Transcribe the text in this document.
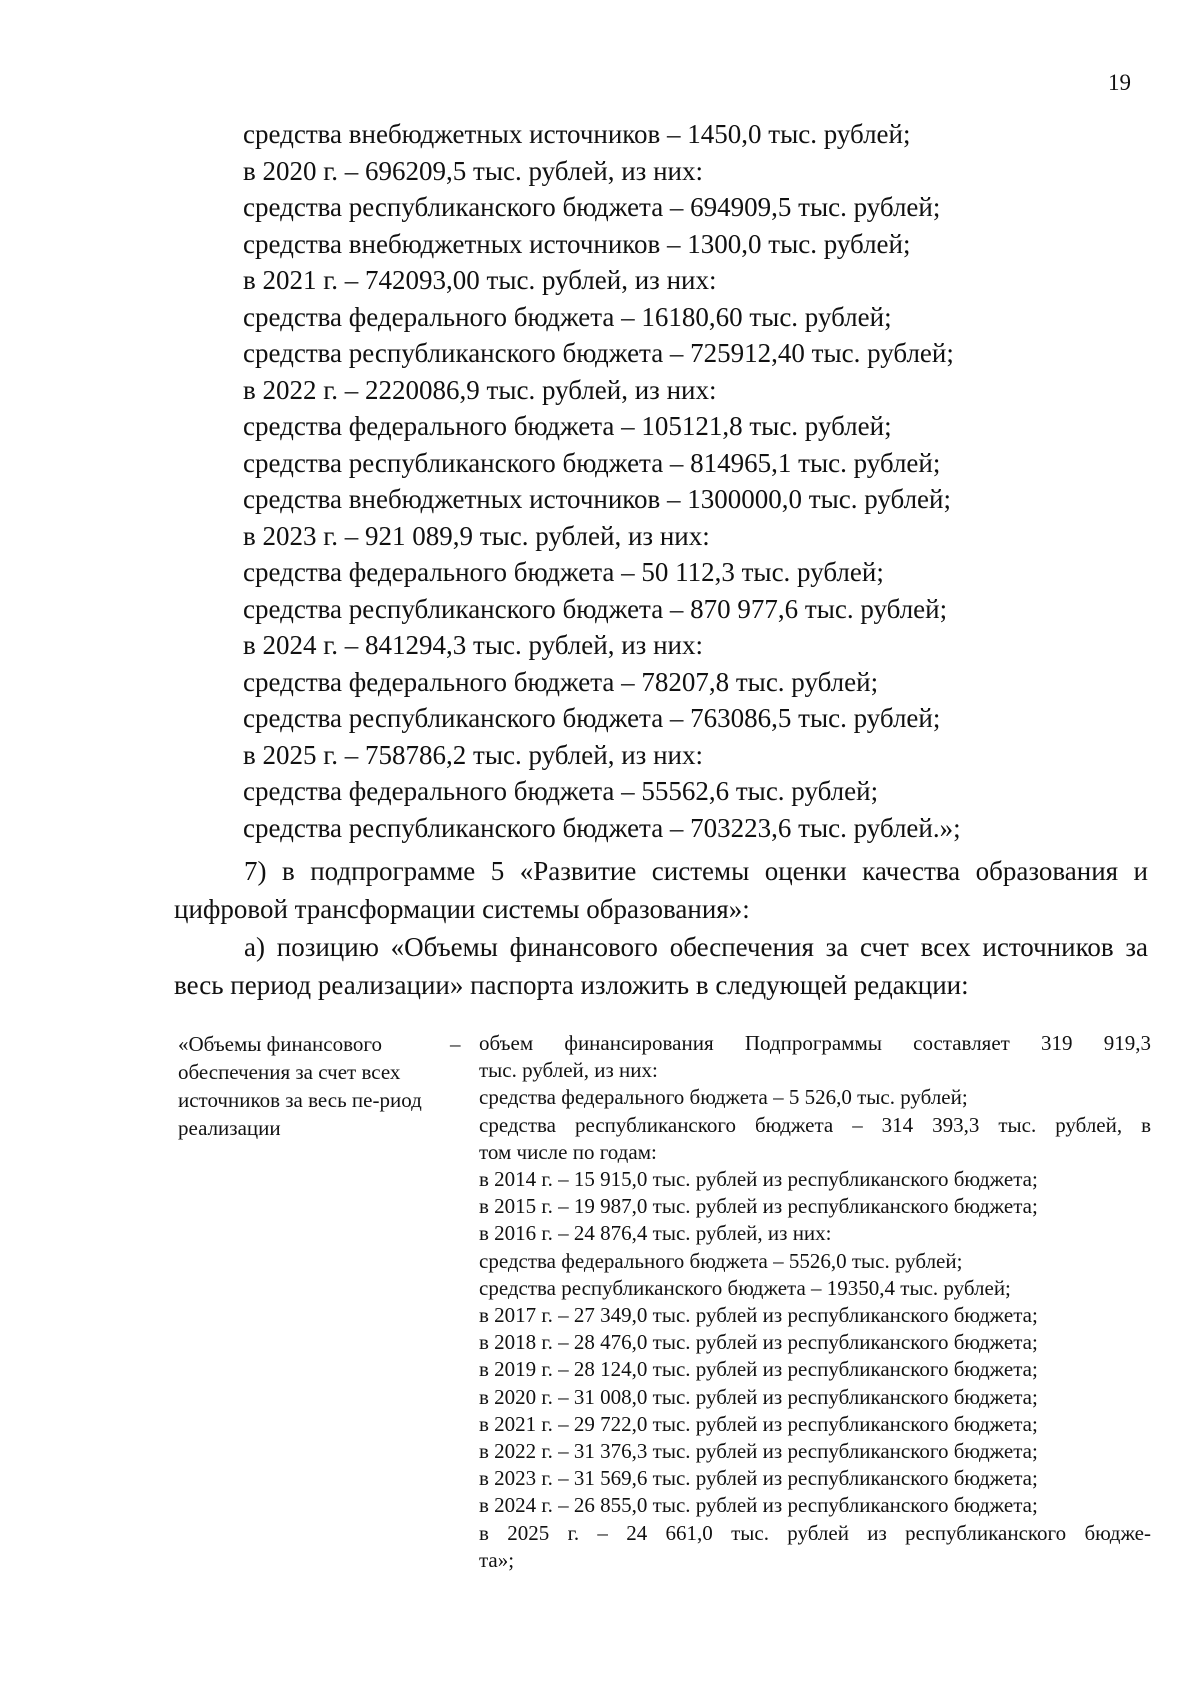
19
средства внебюджетных источников – 1450,0 тыс. рублей;
в 2020 г. – 696209,5 тыс. рублей, из них:
средства республиканского бюджета – 694909,5 тыс. рублей;
средства внебюджетных источников – 1300,0 тыс. рублей;
в 2021 г. – 742093,00 тыс. рублей, из них:
средства федерального бюджета – 16180,60 тыс. рублей;
средства республиканского бюджета – 725912,40 тыс. рублей;
в 2022 г. – 2220086,9 тыс. рублей, из них:
средства федерального бюджета – 105121,8 тыс. рублей;
средства республиканского бюджета – 814965,1 тыс. рублей;
средства внебюджетных источников – 1300000,0 тыс. рублей;
в 2023 г. – 921 089,9 тыс. рублей, из них:
средства федерального бюджета – 50 112,3 тыс. рублей;
средства республиканского бюджета – 870 977,6 тыс. рублей;
в 2024 г. – 841294,3 тыс. рублей, из них:
средства федерального бюджета – 78207,8 тыс. рублей;
средства республиканского бюджета – 763086,5 тыс. рублей;
в 2025 г. – 758786,2 тыс. рублей, из них:
средства федерального бюджета – 55562,6 тыс. рублей;
средства республиканского бюджета – 703223,6 тыс. рублей.»;

7) в подпрограмме 5 «Развитие системы оценки качества образования и цифровой трансформации системы образования»:

а) позицию «Объемы финансового обеспечения за счет всех источников за весь период реализации» паспорта изложить в следующей редакции:

«Объемы финансового обеспечения за счет всех источников за весь пе-риод реализации

– объем финансирования Подпрограммы составляет 319 919,3
тыс. рублей, из них:
средства федерального бюджета – 5 526,0 тыс. рублей;
средства республиканского бюджета – 314 393,3 тыс. рублей, в
том числе по годам:
в 2014 г. – 15 915,0 тыс. рублей из республиканского бюджета;
в 2015 г. – 19 987,0 тыс. рублей из республиканского бюджета;
в 2016 г. – 24 876,4 тыс. рублей, из них:
средства федерального бюджета – 5526,0 тыс. рублей;
средства республиканского бюджета – 19350,4 тыс. рублей;
в 2017 г. – 27 349,0 тыс. рублей из республиканского бюджета;
в 2018 г. – 28 476,0 тыс. рублей из республиканского бюджета;
в 2019 г. – 28 124,0 тыс. рублей из республиканского бюджета;
в 2020 г. – 31 008,0 тыс. рублей из республиканского бюджета;
в 2021 г. – 29 722,0 тыс. рублей из республиканского бюджета;
в 2022 г. – 31 376,3 тыс. рублей из республиканского бюджета;
в 2023 г. – 31 569,6 тыс. рублей из республиканского бюджета;
в 2024 г. – 26 855,0 тыс. рублей из республиканского бюджета;
в 2025 г. – 24 661,0 тыс. рублей из республиканского бюдже-
та»;
